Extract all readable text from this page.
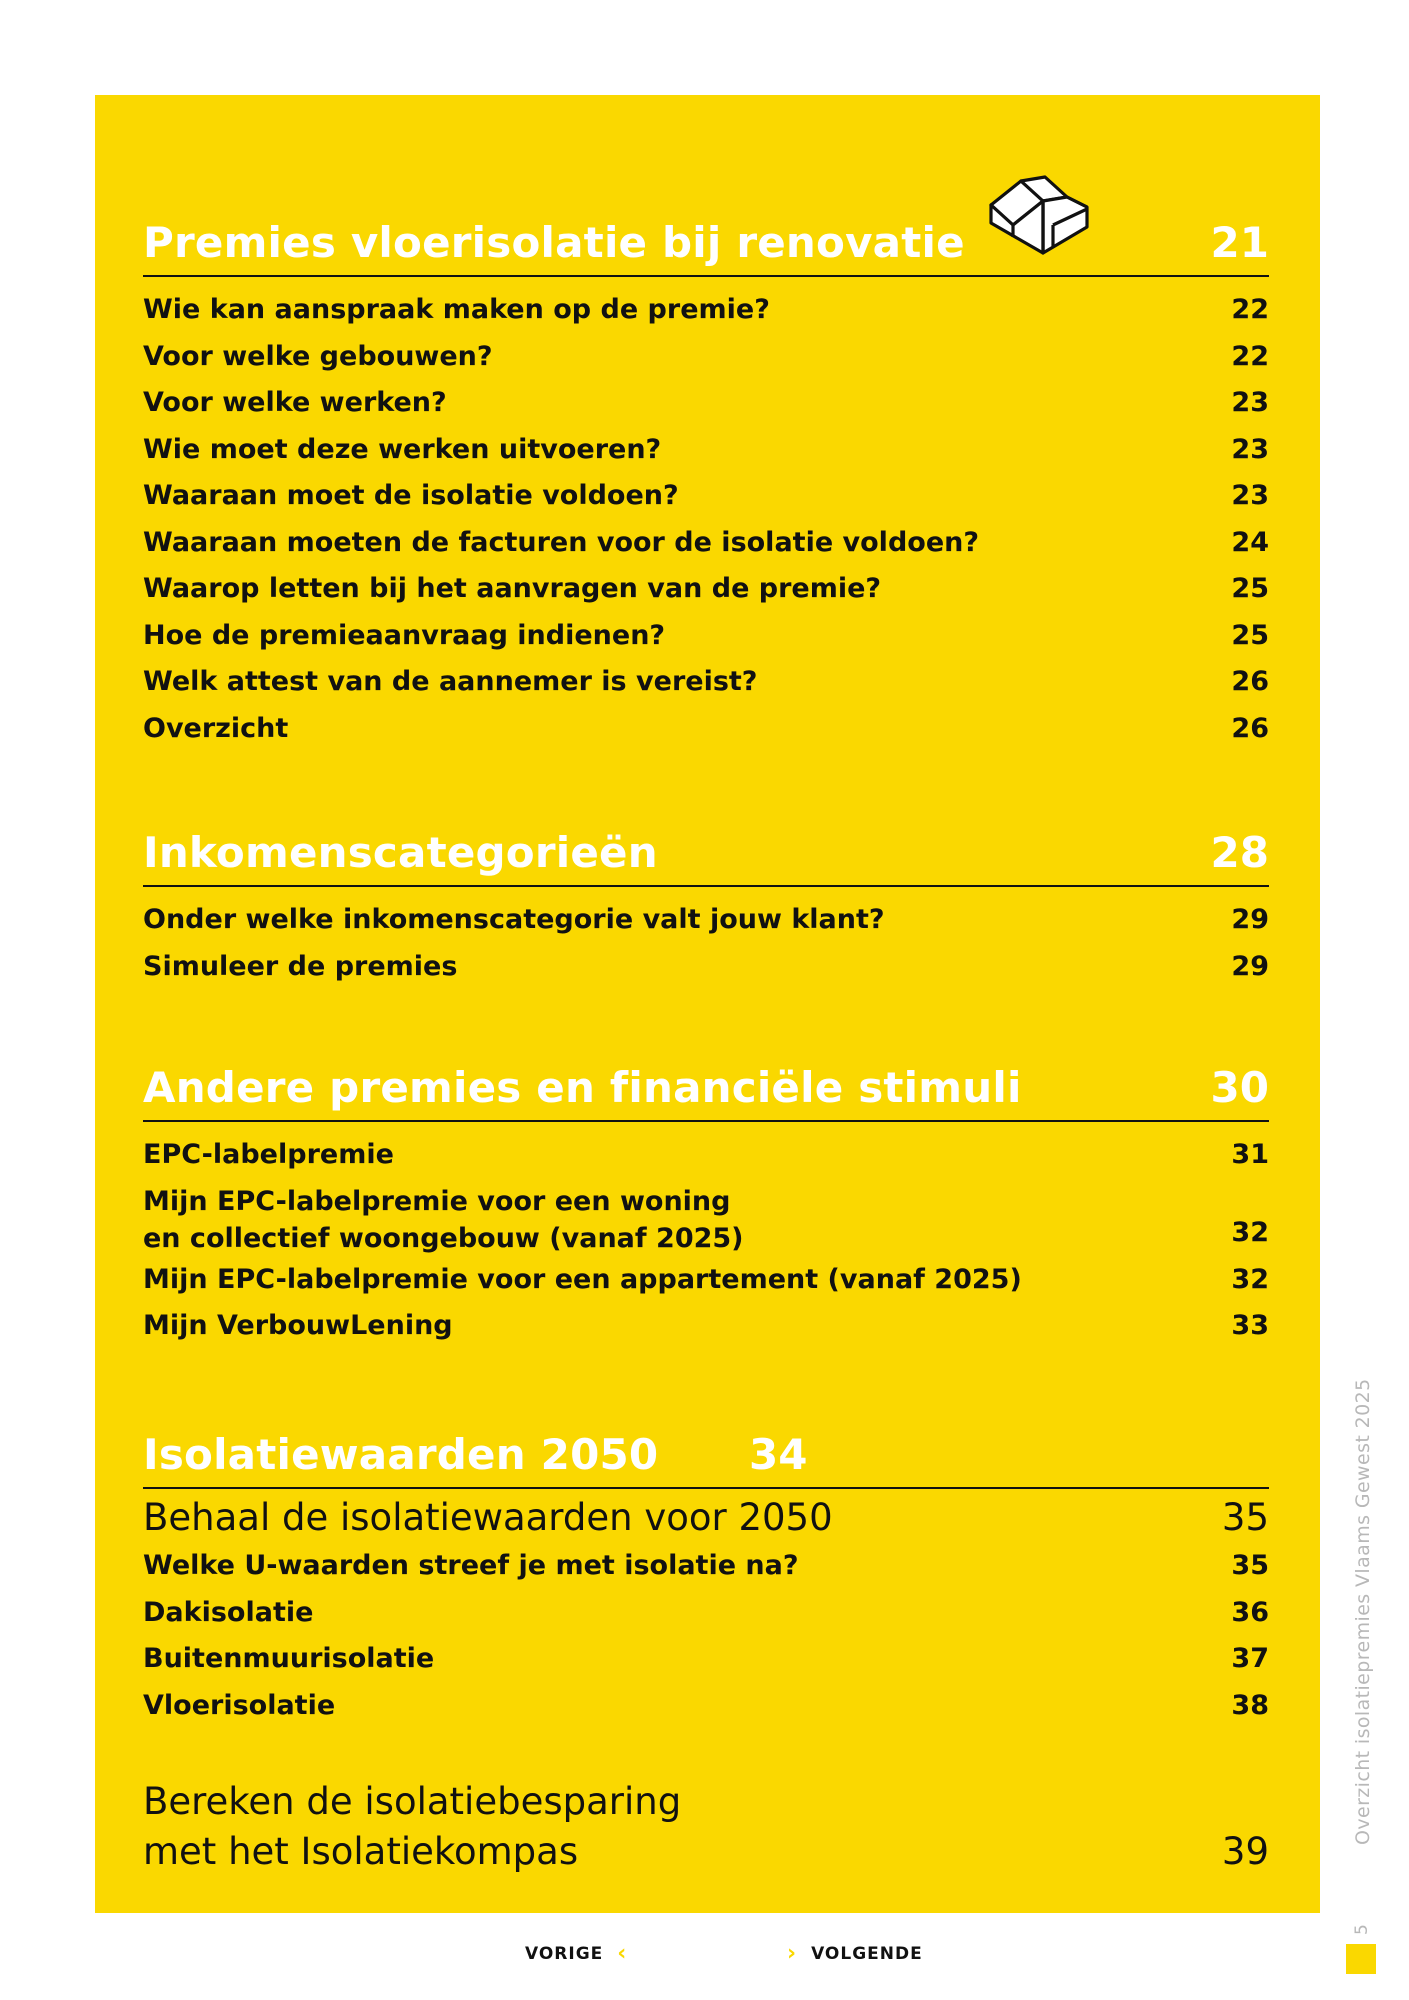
Premies vloerisolatie bij renovatie	21
Wie kan aanspraak maken op de premie?	22
Voor welke gebouwen?	22
Voor welke werken?	23
Wie moet deze werken uitvoeren?	23
Waaraan moet de isolatie voldoen?	23
Waaraan moeten de facturen voor de isolatie voldoen?	24
Waarop letten bij het aanvragen van de premie?	25
Hoe de premieaanvraag indienen?	25
Welk attest van de aannemer is vereist?	26
Overzicht	26
Inkomenscategorieën	28
Onder welke inkomenscategorie valt jouw klant?	29
Simuleer de premies	29
Andere premies en financiële stimuli	30
EPC-labelpremie	31
Mijn EPC-labelpremie voor een woning
en collectief woongebouw (vanaf 2025)	32
Mijn EPC-labelpremie voor een appartement (vanaf 2025)	32
Mijn VerbouwLening	33
Isolatiewaarden 2050 34
Behaal de isolatiewaarden voor 2050	35
Welke U-waarden streef je met isolatie na?	35
Dakisolatie	36
Buitenmuurisolatie	37
Vloerisolatie	38
Bereken de isolatiebesparing
met het Isolatiekompas	39
Overzicht isolatiepremies Vlaams Gewest 2025
5
VORIGE ‹	› VOLGENDE
